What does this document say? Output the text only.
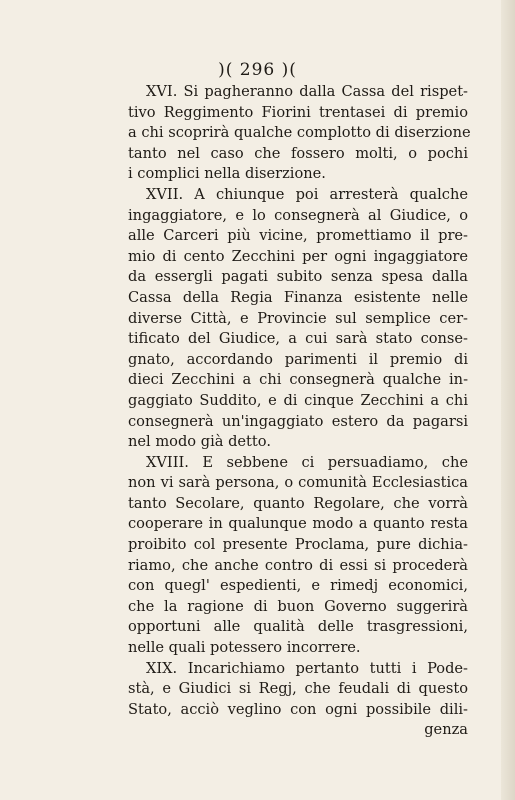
)( 296 )(
XVI. Si pagheranno dalla Cassa del rispet-
tivo Reggimento Fiorini trentasei di premio
a chi scoprirà qualche complotto di diserzione
tanto nel caso che fossero molti, o pochi
i complici nella diserzione.
XVII. A chiunque poi arresterà qualche
ingaggiatore, e lo consegnerà al Giudice, o
alle Carceri più vicine, promettiamo il pre-
mio di cento Zecchini per ogni ingaggiatore
da essergli pagati subito senza spesa dalla
Cassa della Regia Finanza esistente nelle
diverse Città, e Provincie sul semplice cer-
tificato del Giudice, a cui sarà stato conse-
gnato, accordando parimenti il premio di
dieci Zecchini a chi consegnerà qualche in-
gaggiato Suddito, e di cinque Zecchini a chi
consegnerà un'ingaggiato estero da pagarsi
nel modo già detto.
XVIII. E sebbene ci persuadiamo, che
non vi sarà persona, o comunità Ecclesiastica
tanto Secolare, quanto Regolare, che vorrà
cooperare in qualunque modo a quanto resta
proibito col presente Proclama, pure dichia-
riamo, che anche contro di essi si procederà
con quegl' espedienti, e rimedj economici,
che la ragione di buon Governo suggerirà
opportuni alle qualità delle trasgressioni,
nelle quali potessero incorrere.
XIX. Incarichiamo pertanto tutti i Pode-
stà, e Giudici si Regj, che feudali di questo
Stato, acciò veglino con ogni possibile dili-
genza
